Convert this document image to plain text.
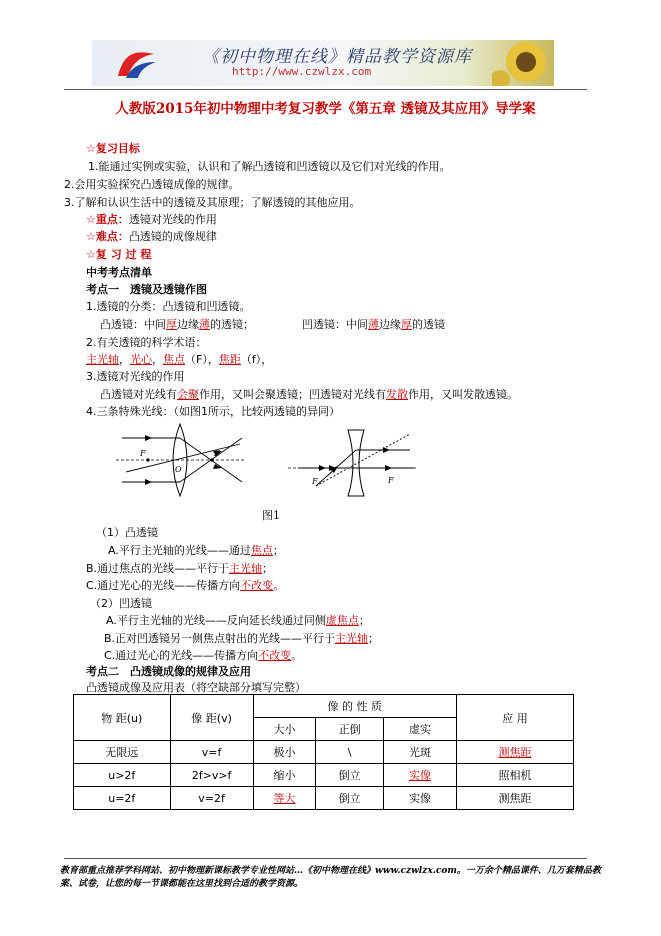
《初中物理在线》精品教学资源库
http://www.czwlzx.com
人教版2015年初中物理中考复习教学《第五章 透镜及其应用》导学案
☆复习目标
1.能通过实例或实验，认识和了解凸透镜和凹透镜以及它们对光线的作用。
2.会用实验探究凸透镜成像的规律。
3.了解和认识生活中的透镜及其原理；了解透镜的其他应用。
☆重点：透镜对光线的作用
☆难点：凸透镜的成像规律
☆复 习 过 程
中考考点清单
考点一　透镜及透镜作图
1.透镜的分类：凸透镜和凹透镜。
凸透镜：中间厚边缘薄的透镜；	凹透镜：中间薄边缘厚的透镜
2.有关透镜的科学术语：
主光轴，光心，焦点（F），焦距（f），
3.透镜对光线的作用
凸透镜对光线有会聚作用，又叫会聚透镜；凹透镜对光线有发散作用，又叫发散透镜。
4.三条特殊光线：（如图1所示，比较两透镜的异同）
F
O
F
F	F
图1
（1）凸透镜
A.平行主光轴的光线——通过焦点；
B.通过焦点的光线——平行于主光轴；
C.通过光心的光线——传播方向不改变。
（2）凹透镜
A.平行主光轴的光线——反向延长线通过同侧虚焦点；
B.正对凹透镜另一侧焦点射出的光线——平行于主光轴；
C.通过光心的光线——传播方向不改变。
考点二　凸透镜成像的规律及应用
凸透镜成像及应用表（将空缺部分填写完整）
物 距(u)	像 距(v)	像 的 性 质			应 用
		大小	正倒	虚实	
无限远	v=f	极小	\	光斑	测焦距
u>2f	2f>v>f	缩小	倒立	实像	照相机
u=2f	v=2f	等大	倒立	实像	测焦距
教育部重点推荐学科网站、初中物理新课标教学专业性网站…《初中物理在线》www.czwlzx.com。一万余个精品课件、几万套精品教案、试卷，让您的每一节课都能在这里找到合适的教学资源。
